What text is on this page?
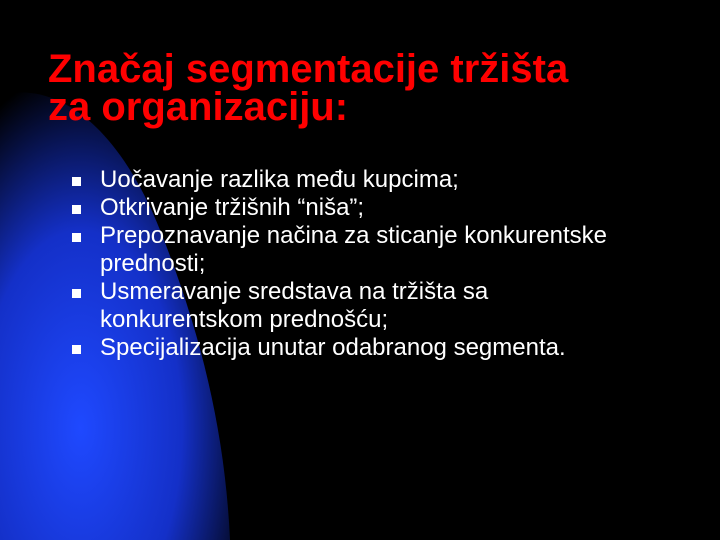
Značaj segmentacije tržišta
za organizaciju:
Uočavanje razlika među kupcima;
Otkrivanje tržišnih “niša”;
Prepoznavanje načina za sticanje konkurentske
prednosti;
Usmeravanje sredstava na tržišta sa
konkurentskom prednošću;
Specijalizacija unutar odabranog segmenta.
